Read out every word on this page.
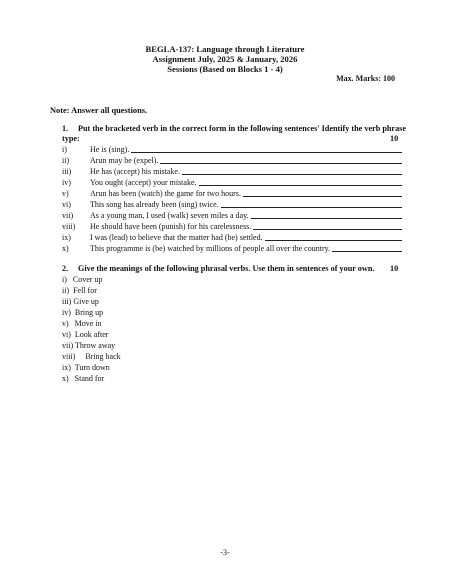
BEGLA-137: Language through Literature
Assignment July, 2025 & January, 2026
Sessions (Based on Blocks 1 - 4)
Max. Marks: 100
Note: Answer all questions.
1. Put the bracketed verb in the correct form in the following sentences' Identify the verb phrase
type:	10
i)	He is (sing).
ii)	Arun may be (expel).
iii)	He has (accept) his mistake.
iv)	You ought (accept) your mistake.
v)	Arun has been (watch) the game for two hours.
vi)	This song has already been (sing) twice.
vii)	As a young man, I used (walk) seven miles a day.
viii)	He should have been (punish) for his carelessness.
ix)	I was (lead) to believe that the matter had (be) settled.
x)	This programme is (be) watched by millions of people all over the country.
2. Give the meanings of the following phrasal verbs. Use them in sentences of your own. 10
i)   Cover up
ii)  Fell for
iii) Give up
iv)  Bring up
v)   Move in
vi)  Look after
vii) Throw away
viii)     Bring back
ix)  Turn down
x)   Stand for
-3-
